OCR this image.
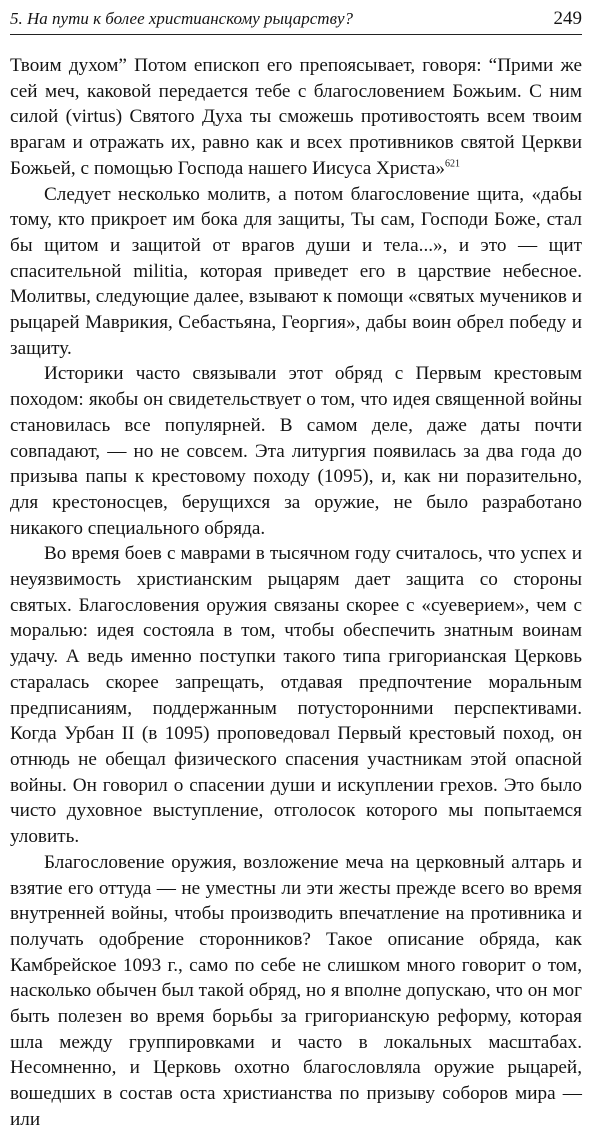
5. На пути к более христианскому рыцарству?	249

Твоим духом” Потом епископ его препоясывает, говоря: “Прими же сей меч, каковой передается тебе с благословением Божьим. С ним силой (virtus) Святого Духа ты сможешь противостоять всем твоим врагам и отражать их, равно как и всех противников святой Церкви Божьей, с помощью Господа нашего Иисуса Христа»$^{621}$

Следует несколько молитв, а потом благословение щита, «дабы тому, кто прикроет им бока для защиты, Ты сам, Господи Боже, стал бы щитом и защитой от врагов души и тела...», и это — щит спасительной militia, которая приведет его в царствие небесное. Молитвы, следующие далее, взывают к помощи «святых мучеников и рыцарей Маврикия, Себастьяна, Георгия», дабы воин обрел победу и защиту.

Историки часто связывали этот обряд с Первым крестовым походом: якобы он свидетельствует о том, что идея священной войны становилась все популярней. В самом деле, даже даты почти совпадают, — но не совсем. Эта литургия появилась за два года до призыва папы к крестовому походу (1095), и, как ни поразительно, для крестоносцев, берущихся за оружие, не было разработано никакого специального обряда.

Во время боев с маврами в тысячном году считалось, что успех и неуязвимость христианским рыцарям дает защита со стороны святых. Благословения оружия связаны скорее с «суеверием», чем с моралью: идея состояла в том, чтобы обеспечить знатным воинам удачу. А ведь именно поступки такого типа григорианская Церковь старалась скорее запрещать, отдавая предпочтение моральным предписаниям, поддержанным потусторонними перспективами. Когда Урбан II (в 1095) проповедовал Первый крестовый поход, он отнюдь не обещал физического спасения участникам этой опасной войны. Он говорил о спасении души и искуплении грехов. Это было чисто духовное выступление, отголосок которого мы попытаемся уловить.

Благословение оружия, возложение меча на церковный алтарь и взятие его оттуда — не уместны ли эти жесты прежде всего во время внутренней войны, чтобы производить впечатление на противника и получать одобрение сторонников? Такое описание обряда, как Камбрейское 1093 г., само по себе не слишком много говорит о том, насколько обычен был такой обряд, но я вполне допускаю, что он мог быть полезен во время борьбы за григорианскую реформу, которая шла между группировками и часто в локальных масштабах. Несомненно, и Церковь охотно благословляла оружие рыцарей, вошедших в состав оста христианства по призыву соборов мира — или
